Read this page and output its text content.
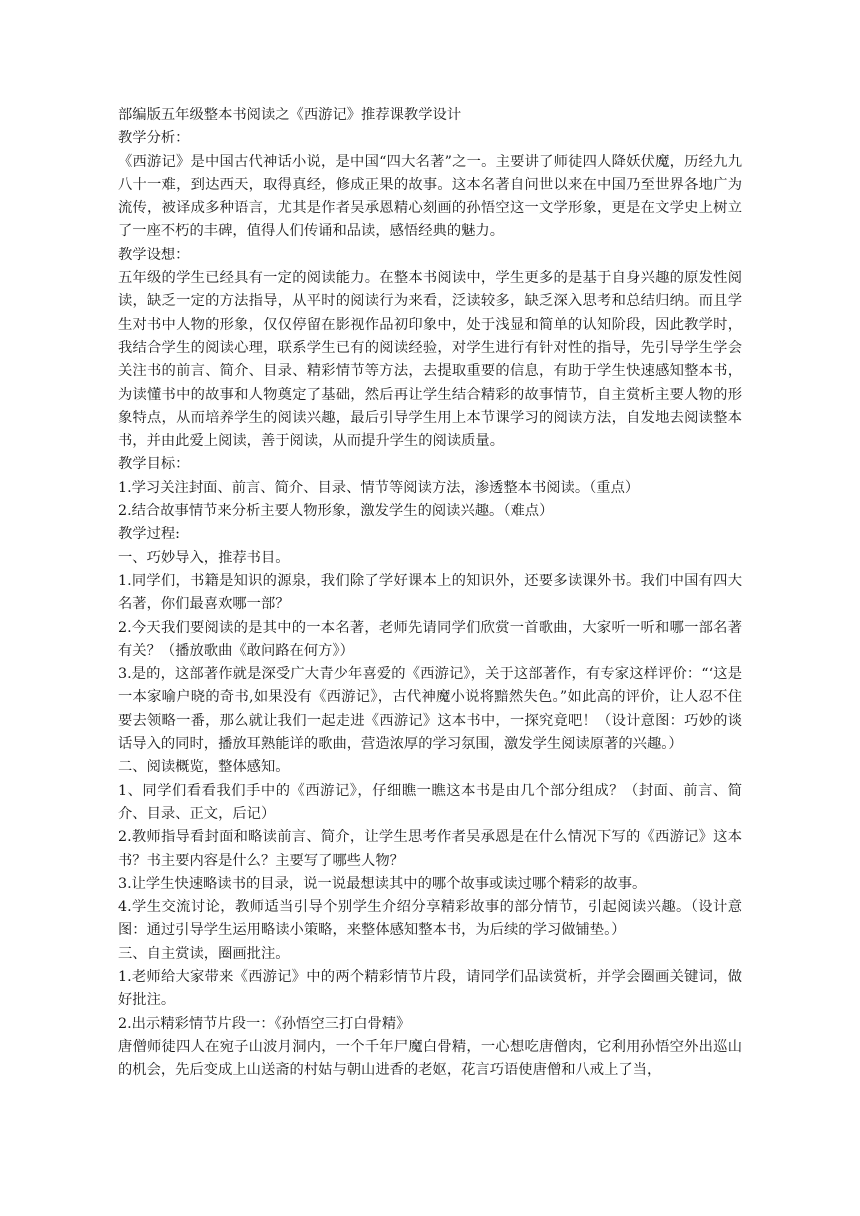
部编版五年级整本书阅读之《西游记》推荐课教学设计

教学分析：

《西游记》是中国古代神话小说，是中国“四大名著”之一。主要讲了师徒四人降妖伏魔，历经九九八十一难，到达西天，取得真经，修成正果的故事。这本名著自问世以来在中国乃至世界各地广为流传，被译成多种语言，尤其是作者吴承恩精心刻画的孙悟空这一文学形象，更是在文学史上树立了一座不朽的丰碑，值得人们传诵和品读，感悟经典的魅力。

教学设想：

五年级的学生已经具有一定的阅读能力。在整本书阅读中，学生更多的是基于自身兴趣的原发性阅读，缺乏一定的方法指导，从平时的阅读行为来看，泛读较多，缺乏深入思考和总结归纳。而且学生对书中人物的形象，仅仅停留在影视作品初印象中，处于浅显和简单的认知阶段，因此教学时，我结合学生的阅读心理，联系学生已有的阅读经验，对学生进行有针对性的指导，先引导学生学会关注书的前言、简介、目录、精彩情节等方法，去提取重要的信息，有助于学生快速感知整本书，为读懂书中的故事和人物奠定了基础，然后再让学生结合精彩的故事情节，自主赏析主要人物的形象特点，从而培养学生的阅读兴趣，最后引导学生用上本节课学习的阅读方法，自发地去阅读整本书，并由此爱上阅读，善于阅读，从而提升学生的阅读质量。

教学目标：

1.学习关注封面、前言、简介、目录、情节等阅读方法，渗透整本书阅读。（重点）

2.结合故事情节来分析主要人物形象，激发学生的阅读兴趣。（难点）

教学过程:

一、巧妙导入，推荐书目。

1.同学们，书籍是知识的源泉，我们除了学好课本上的知识外，还要多读课外书。我们中国有四大名著，你们最喜欢哪一部？

2.今天我们要阅读的是其中的一本名著，老师先请同学们欣赏一首歌曲，大家听一听和哪一部名著有关？（播放歌曲《敢问路在何方》）

3.是的，这部著作就是深受广大青少年喜爱的《西游记》，关于这部著作，有专家这样评价：“‘这是一本家喻户晓的奇书,如果没有《西游记》，古代神魔小说将黯然失色。”如此高的评价，让人忍不住要去领略一番，那么就让我们一起走进《西游记》这本书中，一探究竟吧！（设计意图：巧妙的谈话导入的同时，播放耳熟能详的歌曲，营造浓厚的学习氛围，激发学生阅读原著的兴趣。）

二、阅读概览，整体感知。

1、同学们看看我们手中的《西游记》，仔细瞧一瞧这本书是由几个部分组成？（封面、前言、简介、目录、正文，后记）

2.教师指导看封面和略读前言、简介，让学生思考作者吴承恩是在什么情况下写的《西游记》这本书？书主要内容是什么？主要写了哪些人物？

3.让学生快速略读书的目录，说一说最想读其中的哪个故事或读过哪个精彩的故事。

4.学生交流讨论，教师适当引导个别学生介绍分享精彩故事的部分情节，引起阅读兴趣。（设计意图：通过引导学生运用略读小策略，来整体感知整本书，为后续的学习做铺垫。）

三、自主赏读，圈画批注。

1.老师给大家带来《西游记》中的两个精彩情节片段，请同学们品读赏析，并学会圈画关键词，做好批注。

2.出示精彩情节片段一：《孙悟空三打白骨精》

唐僧师徒四人在宛子山波月洞内，一个千年尸魔白骨精，一心想吃唐僧肉，它利用孙悟空外出巡山的机会，先后变成上山送斋的村姑与朝山进香的老妪，花言巧语使唐僧和八戒上了当，
